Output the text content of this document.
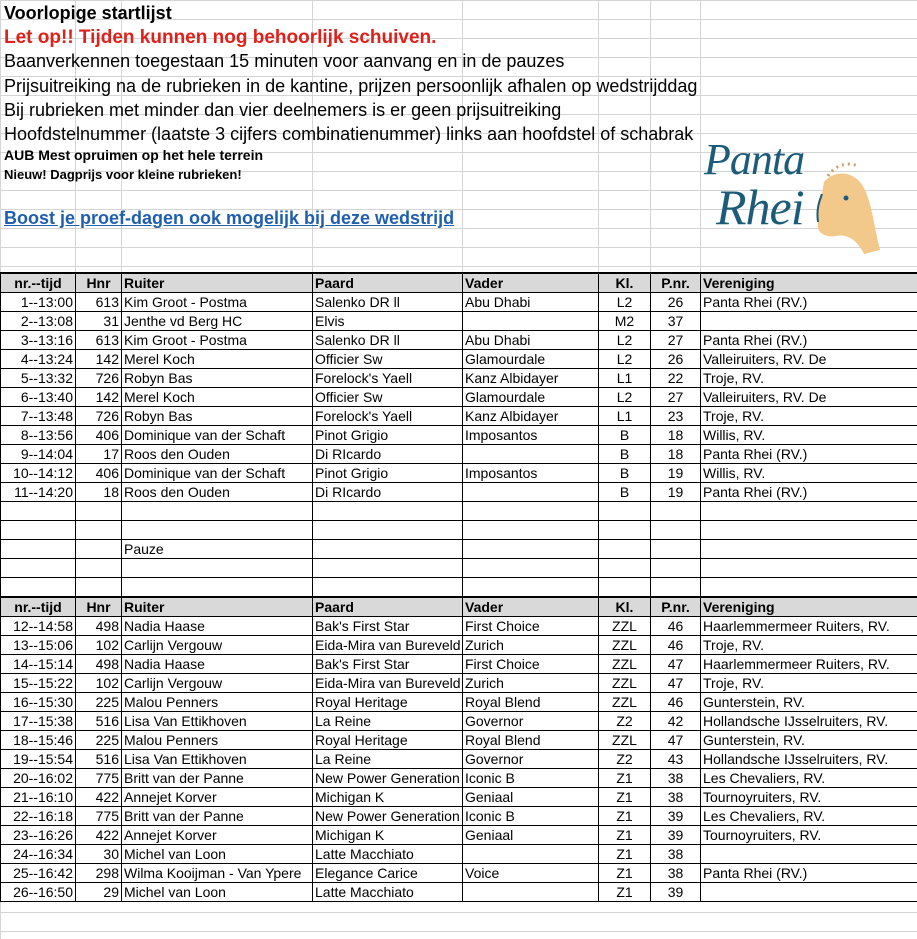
Voorlopige startlijst
Let op!! Tijden kunnen nog behoorlijk schuiven.
Baanverkennen toegestaan 15 minuten voor aanvang en in de pauzes
Prijsuitreiking na de rubrieken in de kantine, prijzen persoonlijk afhalen op wedstrijddag
Bij rubrieken met minder dan vier deelnemers is er geen prijsuitreiking
Hoofdstelnummer (laatste 3 cijfers combinatienummer) links aan hoofdstel of schabrak
AUB Mest opruimen op het hele terrein
Nieuw! Dagprijs voor kleine rubrieken!
Boost je proef-dagen ook mogelijk bij deze wedstrijd
Panta
Rhei
nr.--tijd	Hnr	Ruiter	Paard	Vader	Kl.	P.nr.	Vereniging
1--13:00	613	Kim Groot - Postma	Salenko DR ll	Abu Dhabi	L2	26	Panta Rhei (RV.)
2--13:08	31	Jenthe vd Berg HC	Elvis		M2	37	
3--13:16	613	Kim Groot - Postma	Salenko DR ll	Abu Dhabi	L2	27	Panta Rhei (RV.)
4--13:24	142	Merel Koch	Officier Sw	Glamourdale	L2	26	Valleiruiters, RV. De
5--13:32	726	Robyn Bas	Forelock's Yaell	Kanz Albidayer	L1	22	Troje, RV.
6--13:40	142	Merel Koch	Officier Sw	Glamourdale	L2	27	Valleiruiters, RV. De
7--13:48	726	Robyn Bas	Forelock's Yaell	Kanz Albidayer	L1	23	Troje, RV.
8--13:56	406	Dominique van der Schaft	Pinot Grigio	Imposantos	B	18	Willis, RV.
9--14:04	17	Roos den Ouden	Di RIcardo		B	18	Panta Rhei (RV.)
10--14:12	406	Dominique van der Schaft	Pinot Grigio	Imposantos	B	19	Willis, RV.
11--14:20	18	Roos den Ouden	Di RIcardo		B	19	Panta Rhei (RV.)

		Pauze					

nr.--tijd	Hnr	Ruiter	Paard	Vader	Kl.	P.nr.	Vereniging
12--14:58	498	Nadia Haase	Bak's First Star	First Choice	ZZL	46	Haarlemmermeer Ruiters, RV.
13--15:06	102	Carlijn Vergouw	Eida-Mira van Bureveld	Zurich	ZZL	46	Troje, RV.
14--15:14	498	Nadia Haase	Bak's First Star	First Choice	ZZL	47	Haarlemmermeer Ruiters, RV.
15--15:22	102	Carlijn Vergouw	Eida-Mira van Bureveld	Zurich	ZZL	47	Troje, RV.
16--15:30	225	Malou Penners	Royal Heritage	Royal Blend	ZZL	46	Gunterstein, RV.
17--15:38	516	Lisa Van Ettikhoven	La Reine	Governor	Z2	42	Hollandsche IJsselruiters, RV.
18--15:46	225	Malou Penners	Royal Heritage	Royal Blend	ZZL	47	Gunterstein, RV.
19--15:54	516	Lisa Van Ettikhoven	La Reine	Governor	Z2	43	Hollandsche IJsselruiters, RV.
20--16:02	775	Britt van der Panne	New Power Generation	Iconic B	Z1	38	Les Chevaliers, RV.
21--16:10	422	Annejet Korver	Michigan K	Geniaal	Z1	38	Tournoyruiters, RV.
22--16:18	775	Britt van der Panne	New Power Generation	Iconic B	Z1	39	Les Chevaliers, RV.
23--16:26	422	Annejet Korver	Michigan K	Geniaal	Z1	39	Tournoyruiters, RV.
24--16:34	30	Michel van Loon	Latte Macchiato		Z1	38	
25--16:42	298	Wilma Kooijman - Van Ypere	Elegance Carice	Voice	Z1	38	Panta Rhei (RV.)
26--16:50	29	Michel van Loon	Latte Macchiato		Z1	39	
